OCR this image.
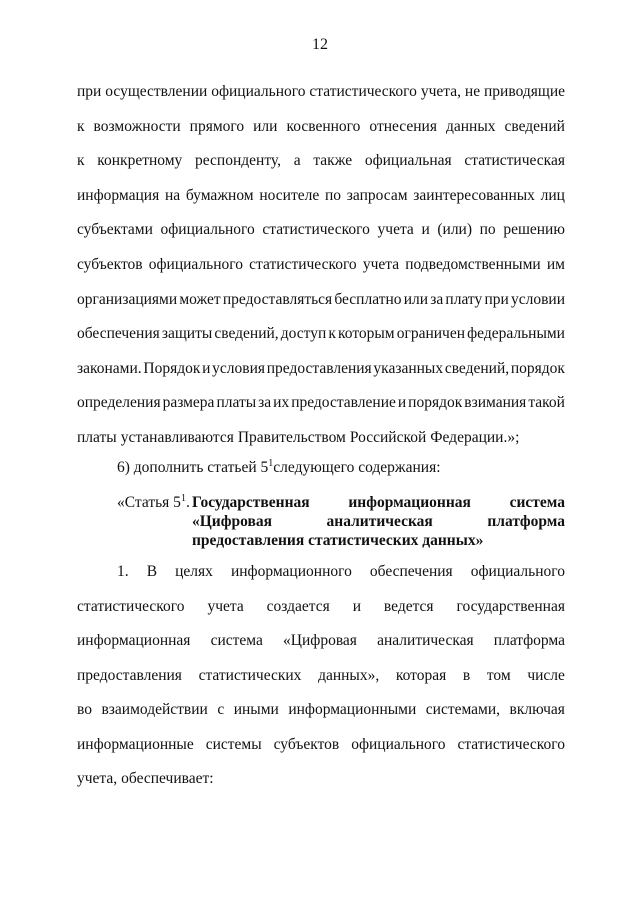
12
при осуществлении официального статистического учета, не приводящие
к возможности прямого или косвенного отнесения данных сведений
к конкретному респонденту, а также официальная статистическая
информация на бумажном носителе по запросам заинтересованных лиц
субъектами официального статистического учета и (или) по решению
субъектов официального статистического учета подведомственными им
организациями может предоставляться бесплатно или за плату при условии
обеспечения защиты сведений, доступ к которым ограничен федеральными
законами. Порядок и условия предоставления указанных сведений, порядок
определения размера платы за их предоставление и порядок взимания такой
платы устанавливаются Правительством Российской Федерации.»;
6) дополнить статьей $5^1следующего$ содержания:
«Статья $5^1$. Государственная информационная система
«Цифровая	аналитическая	платформа
предоставления статистических данных»
1. В целях информационного обеспечения официального
статистического учета создается и ведется государственная
информационная система «Цифровая аналитическая платформа
предоставления статистических данных», которая в том числе
во взаимодействии с иными информационными системами, включая
информационные системы субъектов официального статистического
учета, обеспечивает:
